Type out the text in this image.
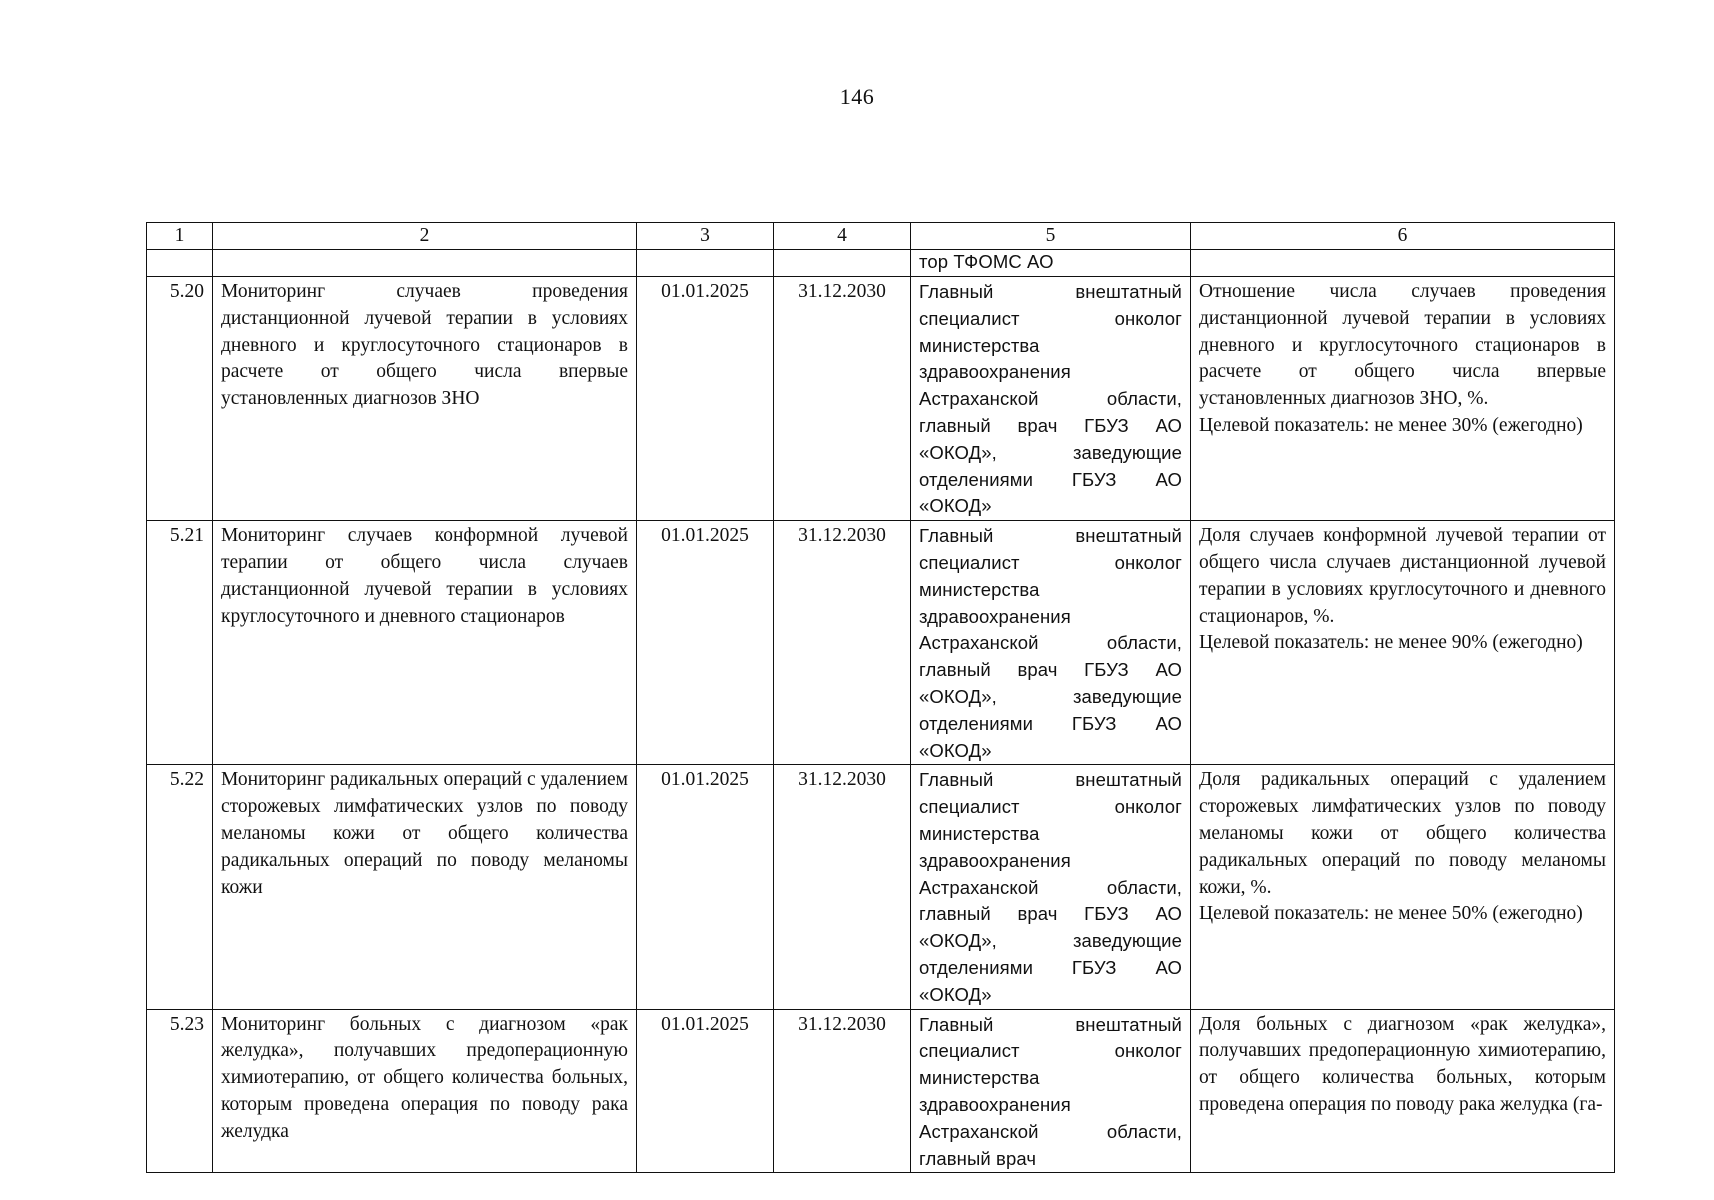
146
1	2	3	4	5	6
				тор ТФОМС АО	
5.20	Мониторинг случаев проведения дистанционной лучевой терапии в условиях дневного и круглосуточного стационаров в расчете от общего числа впервые установленных диагнозов ЗНО	01.01.2025	31.12.2030	Главный внештатный специалист онколог министерства здравоохранения Астраханской области, главный врач ГБУЗ АО «ОКОД», заведующие отделениями ГБУЗ АО «ОКОД»	Отношение числа случаев проведения дистанционной лучевой терапии в условиях дневного и круглосуточного стационаров в расчете от общего числа впервые установленных диагнозов ЗНО, %.
Целевой показатель: не менее 30% (ежегодно)

5.21	Мониторинг случаев конформной лучевой терапии от общего числа случаев дистанционной лучевой терапии в условиях круглосуточного и дневного стационаров	01.01.2025	31.12.2030	Главный внештатный специалист онколог министерства здравоохранения Астраханской области, главный врач ГБУЗ АО «ОКОД», заведующие отделениями ГБУЗ АО «ОКОД»	Доля случаев конформной лучевой терапии от общего числа случаев дистанционной лучевой терапии в условиях круглосуточного и дневного стационаров, %.
Целевой показатель: не менее 90% (ежегодно)

5.22	Мониторинг радикальных операций с удалением сторожевых лимфатических узлов по поводу меланомы кожи от общего количества радикальных операций по поводу меланомы кожи	01.01.2025	31.12.2030	Главный внештатный специалист онколог министерства здравоохранения Астраханской области, главный врач ГБУЗ АО «ОКОД», заведующие отделениями ГБУЗ АО «ОКОД»	Доля радикальных операций с удалением сторожевых лимфатических узлов по поводу меланомы кожи от общего количества радикальных операций по поводу меланомы кожи, %.
Целевой показатель: не менее 50% (ежегодно)

5.23	Мониторинг больных с диагнозом «рак желудка», получавших предоперационную химиотерапию, от общего количества больных, которым проведена операция по поводу рака желудка	01.01.2025	31.12.2030	Главный внештатный специалист онколог министерства здравоохранения Астраханской области, главный врач	Доля больных с диагнозом «рак желудка», получавших предоперационную химиотерапию, от общего количества больных, которым проведена операция по поводу рака желудка (га-
